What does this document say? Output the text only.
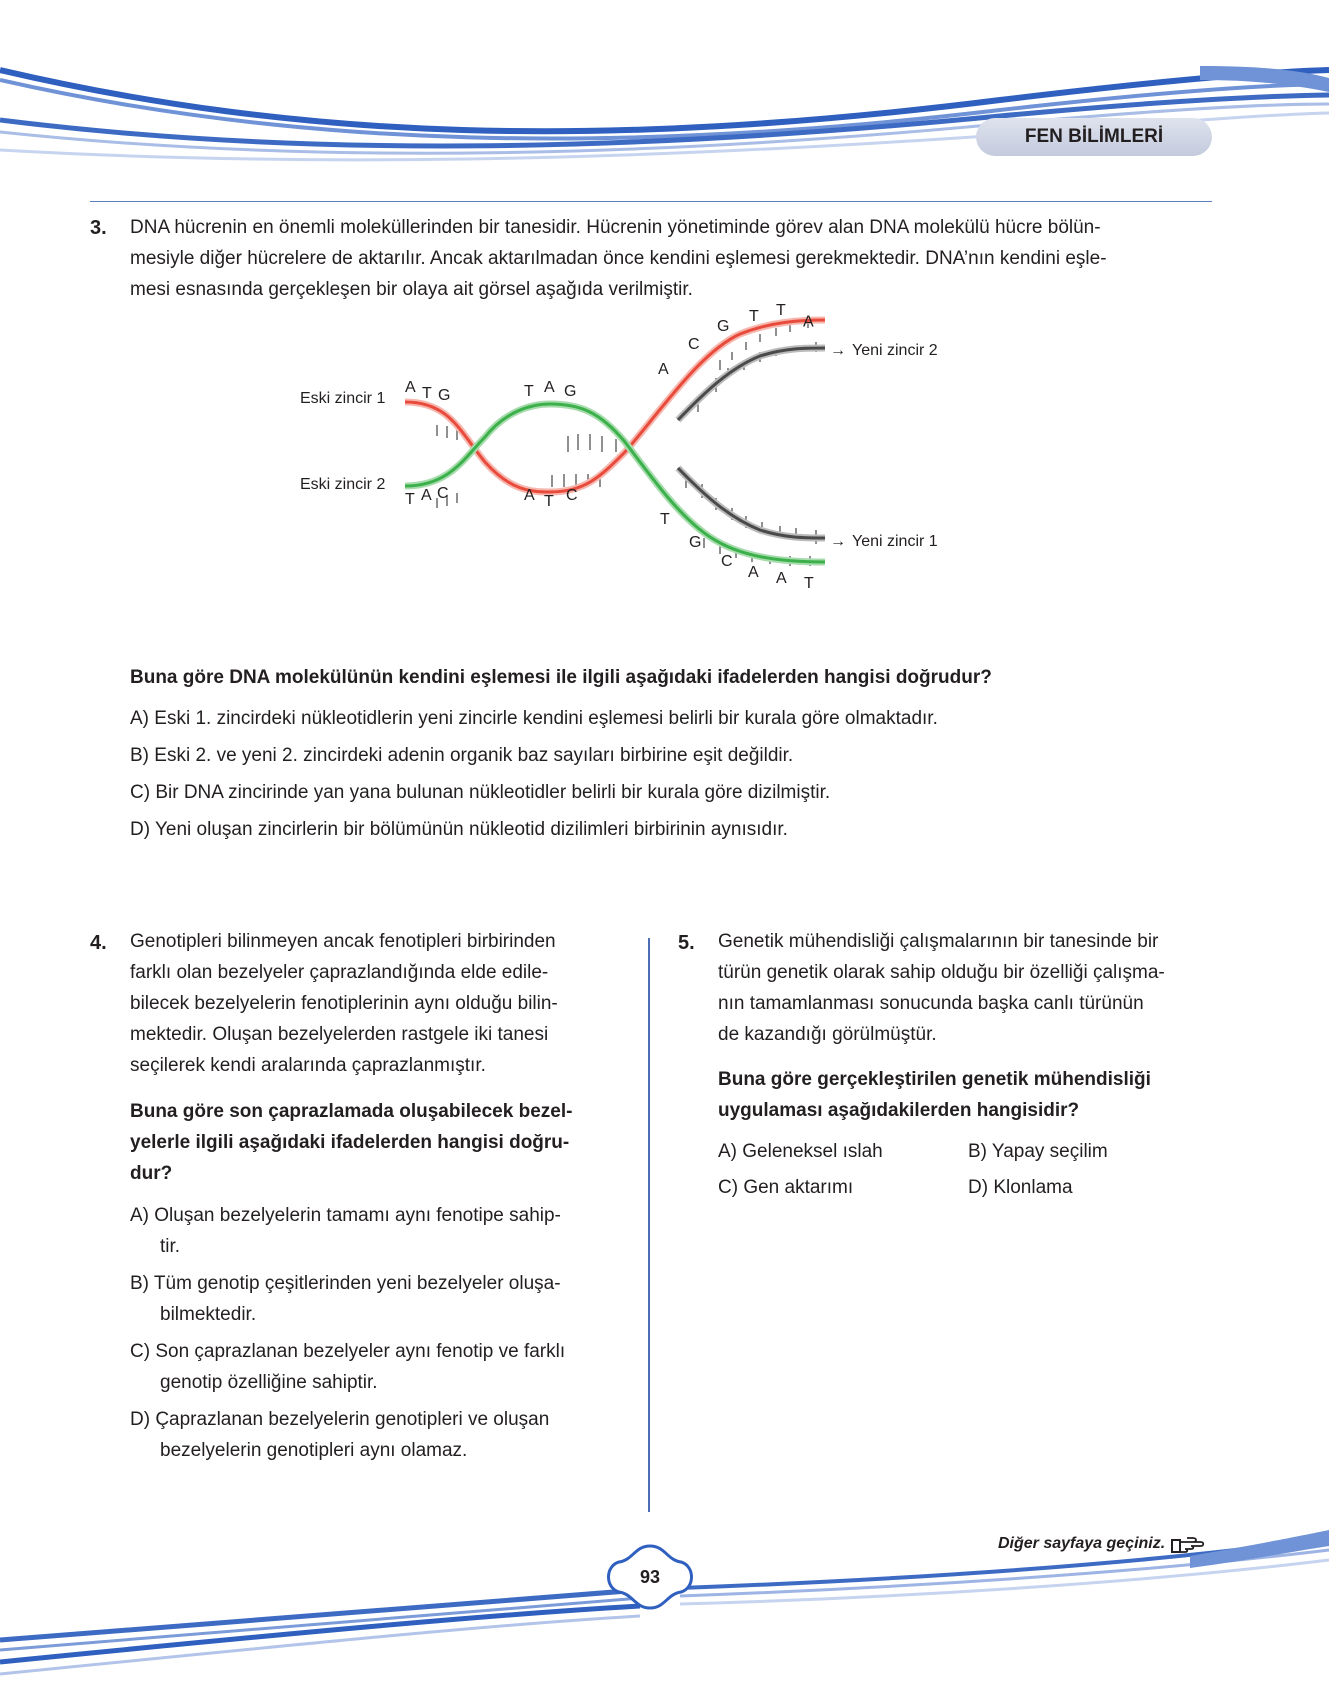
FEN BİLİMLERİ
3. DNA hücrenin en önemli moleküllerinden bir tanesidir. Hücrenin yönetiminde görev alan DNA molekülü hücre bölün-
mesiyle diğer hücrelere de aktarılır. Ancak aktarılmadan önce kendini eşlemesi gerekmektedir. DNA’nın kendini eşle-
mesi esnasında gerçekleşen bir olaya ait görsel aşağıda verilmiştir.
Eski zincir 1
Eski zincir 2
→ Yeni zincir 2
→ Yeni zincir 1
A T G	T A G
T A C	A T C
A
C
G
T T
A
T
G
C
A A T
Buna göre DNA molekülünün kendini eşlemesi ile ilgili aşağıdaki ifadelerden hangisi doğrudur?
A) Eski 1. zincirdeki nükleotidlerin yeni zincirle kendini eşlemesi belirli bir kurala göre olmaktadır.
B) Eski 2. ve yeni 2. zincirdeki adenin organik baz sayıları birbirine eşit değildir.
C) Bir DNA zincirinde yan yana bulunan nükleotidler belirli bir kurala göre dizilmiştir.
D) Yeni oluşan zincirlerin bir bölümünün nükleotid dizilimleri birbirinin aynısıdır.
4. Genotipleri bilinmeyen ancak fenotipleri birbirinden
farklı olan bezelyeler çaprazlandığında elde edile-
bilecek bezelyelerin fenotiplerinin aynı olduğu bilin-
mektedir. Oluşan bezelyelerden rastgele iki tanesi
seçilerek kendi aralarında çaprazlanmıştır.
Buna göre son çaprazlamada oluşabilecek bezel-
yelerle ilgili aşağıdaki ifadelerden hangisi doğru-
dur?
A) Oluşan bezelyelerin tamamı aynı fenotipe sahip-
tir.
B) Tüm genotip çeşitlerinden yeni bezelyeler oluşa-
bilmektedir.
C) Son çaprazlanan bezelyeler aynı fenotip ve farklı
genotip özelliğine sahiptir.
D) Çaprazlanan bezelyelerin genotipleri ve oluşan
bezelyelerin genotipleri aynı olamaz.
5. Genetik mühendisliği çalışmalarının bir tanesinde bir
türün genetik olarak sahip olduğu bir özelliği çalışma-
nın tamamlanması sonucunda başka canlı türünün
de kazandığı görülmüştür.
Buna göre gerçekleştirilen genetik mühendisliği
uygulaması aşağıdakilerden hangisidir?
A) Geleneksel ıslah	B) Yapay seçilim
C) Gen aktarımı	D) Klonlama
93
Diğer sayfaya geçiniz.
